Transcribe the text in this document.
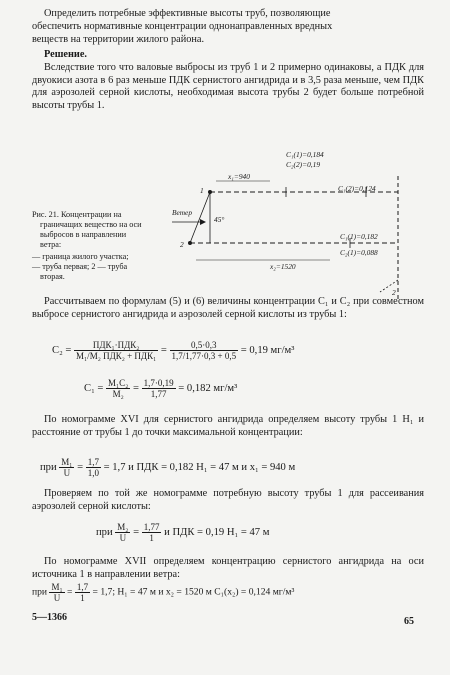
Определить потребные эффективные высоты труб, позволяющие

обеспечить нормативные концентрации однонаправленных вредных

веществ на территории жилого района.

Решение.

Вследствие того что валовые выбросы из труб 1 и 2 примерно одинаковы, а ПДК для двуокиси азота в 6 раз меньше ПДК сернистого ангидрида и в 3,5 раза меньше, чем ПДК для аэрозолей серной кислоты, необходимая высота трубы 2 будет больше потребной высоты трубы 1.

C₁(1)=0,184
C₂(2)=0,19
x₁=940
C₁(2)=0,124
Ветер
1
2
45°
C₁(1)=0,182
C₂(1)=0,088
x₂=1520
2

Рис. 21. Концентрации на

граничащих вещество на оси

выбросов в направлении

ветра:

— граница жилого участка;

— труба первая; 2 — труба

вторая.

Рассчитываем по формулам (5) и (6) величины концентрации C₁ и C₂ при совместном выбросе сернистого ангидрида и аэрозолей серной кислоты из трубы 1:

$C_2 = \frac{\text{ПДК₁·ПДК₂}}{\text{M₁/M₂ ПДК₂ + ПДК₁}} = \frac{0,5\cdot 0,3}{1,7/1,77\cdot 0,3 + 0,5} = 0,19$ мг/м³
$C_1 = \frac{\text{M₁C₂}}{\text{M₂}} = \frac{1,7\cdot 0,19}{1,77} = 0,182$ мг/м³

По номограмме XVI для сернистого ангидрида определяем высоту трубы 1 H₁ и расстояние от трубы 1 до точки максимальной концентрации:

при $\frac{\text{M₁}}{U} = \frac{1,7}{1,0} = 1,7$ и ПДК = 0,182 H₁ = 47 м и x₁ = 940 м

Проверяем по той же номограмме потребную высоту трубы 1 для рассеивания аэрозолей серной кислоты:

при $\frac{\text{M₂}}{U} = \frac{1,77}{1}$ и ПДК = 0,19 H₁ = 47 м

По номограмме XVII определяем концентрацию сернистого ангидрида на оси источника 1 в направлении ветра:

при $\frac{\text{M₁}}{U} = \frac{1,7}{1} = 1,7$; H₁ = 47 м и x₂ = 1520 м C₁(x₂) = 0,124 мг/м³
5—1366	65
